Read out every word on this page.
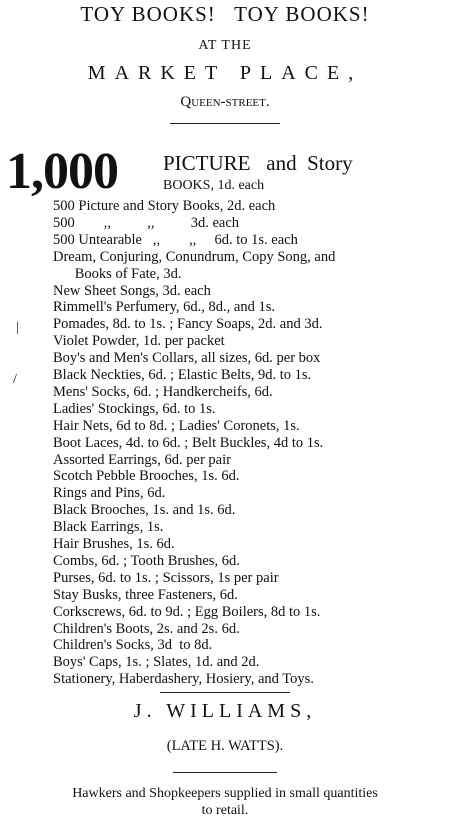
TOY BOOKS!   TOY BOOKS!
AT THE
MARKET PLACE,
Queen-street.
1,000 PICTURE   and  Story
BOOKS, 1d. each
500 Picture and Story Books, 2d. each
500        ,,          ,,          3d. each
500 Untearable   ,,        ,,     6d. to 1s. each
Dream, Conjuring, Conundrum, Copy Song, and
Books of Fate, 3d.
New Sheet Songs, 3d. each
Rimmell's Perfumery, 6d., 8d., and 1s.
Pomades, 8d. to 1s. ; Fancy Soaps, 2d. and 3d.
Violet Powder, 1d. per packet
Boy's and Men's Collars, all sizes, 6d. per box
Black Neckties, 6d. ; Elastic Belts, 9d. to 1s.
Mens' Socks, 6d. ; Handkercheifs, 6d.
Ladies' Stockings, 6d. to 1s.
Hair Nets, 6d to 8d. ; Ladies' Coronets, 1s.
Boot Laces, 4d. to 6d. ; Belt Buckles, 4d to 1s.
Assorted Earrings, 6d. per pair
Scotch Pebble Brooches, 1s. 6d.
Rings and Pins, 6d.
Black Brooches, 1s. and 1s. 6d.
Black Earrings, 1s.
Hair Brushes, 1s. 6d.
Combs, 6d. ; Tooth Brushes, 6d.
Purses, 6d. to 1s. ; Scissors, 1s per pair
Stay Busks, three Fasteners, 6d.
Corkscrews, 6d. to 9d. ; Egg Boilers, 8d to 1s.
Children's Boots, 2s. and 2s. 6d.
Children's Socks, 3d  to 8d.
Boys' Caps, 1s. ; Slates, 1d. and 2d.
Stationery, Haberdashery, Hosiery, and Toys.
|
/
J. WILLIAMS,
(LATE H. WATTS).
Hawkers and Shopkeepers supplied in small quantities
to retail.
